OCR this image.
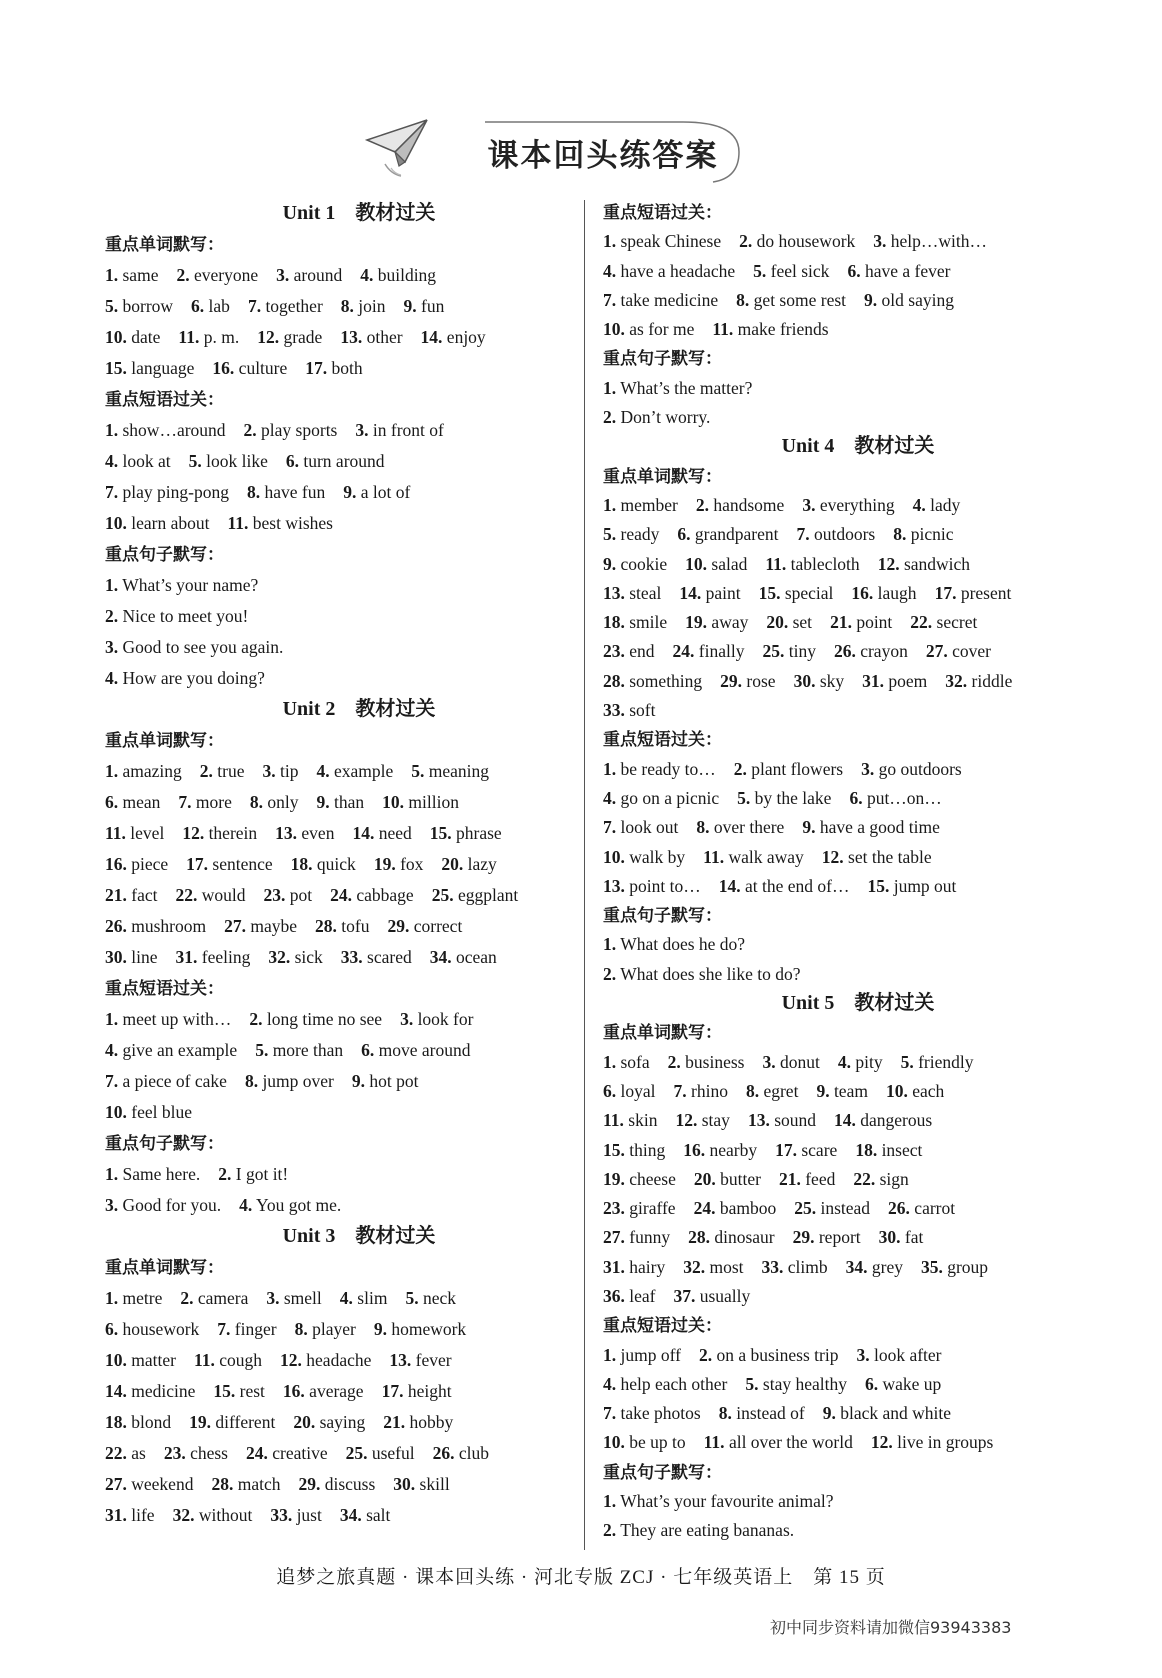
课本回头练答案
Unit 1　教材过关
重点单词默写：
1. same 2. everyone 3. around 4. building
5. borrow 6. lab 7. together 8. join 9. fun
10. date 11. p. m. 12. grade 13. other 14. enjoy
15. language 16. culture 17. both
重点短语过关：
1. show…around 2. play sports 3. in front of
4. look at 5. look like 6. turn around
7. play ping-pong 8. have fun 9. a lot of
10. learn about 11. best wishes
重点句子默写：
1. What’s your name?
2. Nice to meet you!
3. Good to see you again.
4. How are you doing?
Unit 2　教材过关
重点单词默写：
1. amazing 2. true 3. tip 4. example 5. meaning
6. mean 7. more 8. only 9. than 10. million
11. level 12. therein 13. even 14. need 15. phrase
16. piece 17. sentence 18. quick 19. fox 20. lazy
21. fact 22. would 23. pot 24. cabbage 25. eggplant
26. mushroom 27. maybe 28. tofu 29. correct
30. line 31. feeling 32. sick 33. scared 34. ocean
重点短语过关：
1. meet up with… 2. long time no see 3. look for
4. give an example 5. more than 6. move around
7. a piece of cake 8. jump over 9. hot pot
10. feel blue
重点句子默写：
1. Same here. 2. I got it!
3. Good for you. 4. You got me.
Unit 3　教材过关
重点单词默写：
1. metre 2. camera 3. smell 4. slim 5. neck
6. housework 7. finger 8. player 9. homework
10. matter 11. cough 12. headache 13. fever
14. medicine 15. rest 16. average 17. height
18. blond 19. different 20. saying 21. hobby
22. as 23. chess 24. creative 25. useful 26. club
27. weekend 28. match 29. discuss 30. skill
31. life 32. without 33. just 34. salt
重点短语过关：
1. speak Chinese 2. do housework 3. help…with…
4. have a headache 5. feel sick 6. have a fever
7. take medicine 8. get some rest 9. old saying
10. as for me 11. make friends
重点句子默写：
1. What’s the matter?
2. Don’t worry.
Unit 4　教材过关
重点单词默写：
1. member 2. handsome 3. everything 4. lady
5. ready 6. grandparent 7. outdoors 8. picnic
9. cookie 10. salad 11. tablecloth 12. sandwich
13. steal 14. paint 15. special 16. laugh 17. present
18. smile 19. away 20. set 21. point 22. secret
23. end 24. finally 25. tiny 26. crayon 27. cover
28. something 29. rose 30. sky 31. poem 32. riddle
33. soft
重点短语过关：
1. be ready to… 2. plant flowers 3. go outdoors
4. go on a picnic 5. by the lake 6. put…on…
7. look out 8. over there 9. have a good time
10. walk by 11. walk away 12. set the table
13. point to… 14. at the end of… 15. jump out
重点句子默写：
1. What does he do?
2. What does she like to do?
Unit 5　教材过关
重点单词默写：
1. sofa 2. business 3. donut 4. pity 5. friendly
6. loyal 7. rhino 8. egret 9. team 10. each
11. skin 12. stay 13. sound 14. dangerous
15. thing 16. nearby 17. scare 18. insect
19. cheese 20. butter 21. feed 22. sign
23. giraffe 24. bamboo 25. instead 26. carrot
27. funny 28. dinosaur 29. report 30. fat
31. hairy 32. most 33. climb 34. grey 35. group
36. leaf 37. usually
重点短语过关：
1. jump off 2. on a business trip 3. look after
4. help each other 5. stay healthy 6. wake up
7. take photos 8. instead of 9. black and white
10. be up to 11. all over the world 12. live in groups
重点句子默写：
1. What’s your favourite animal?
2. They are eating bananas.
追梦之旅真题 · 课本回头练 · 河北专版 ZCJ · 七年级英语上　第 15 页
初中同步资料请加微信93943383
